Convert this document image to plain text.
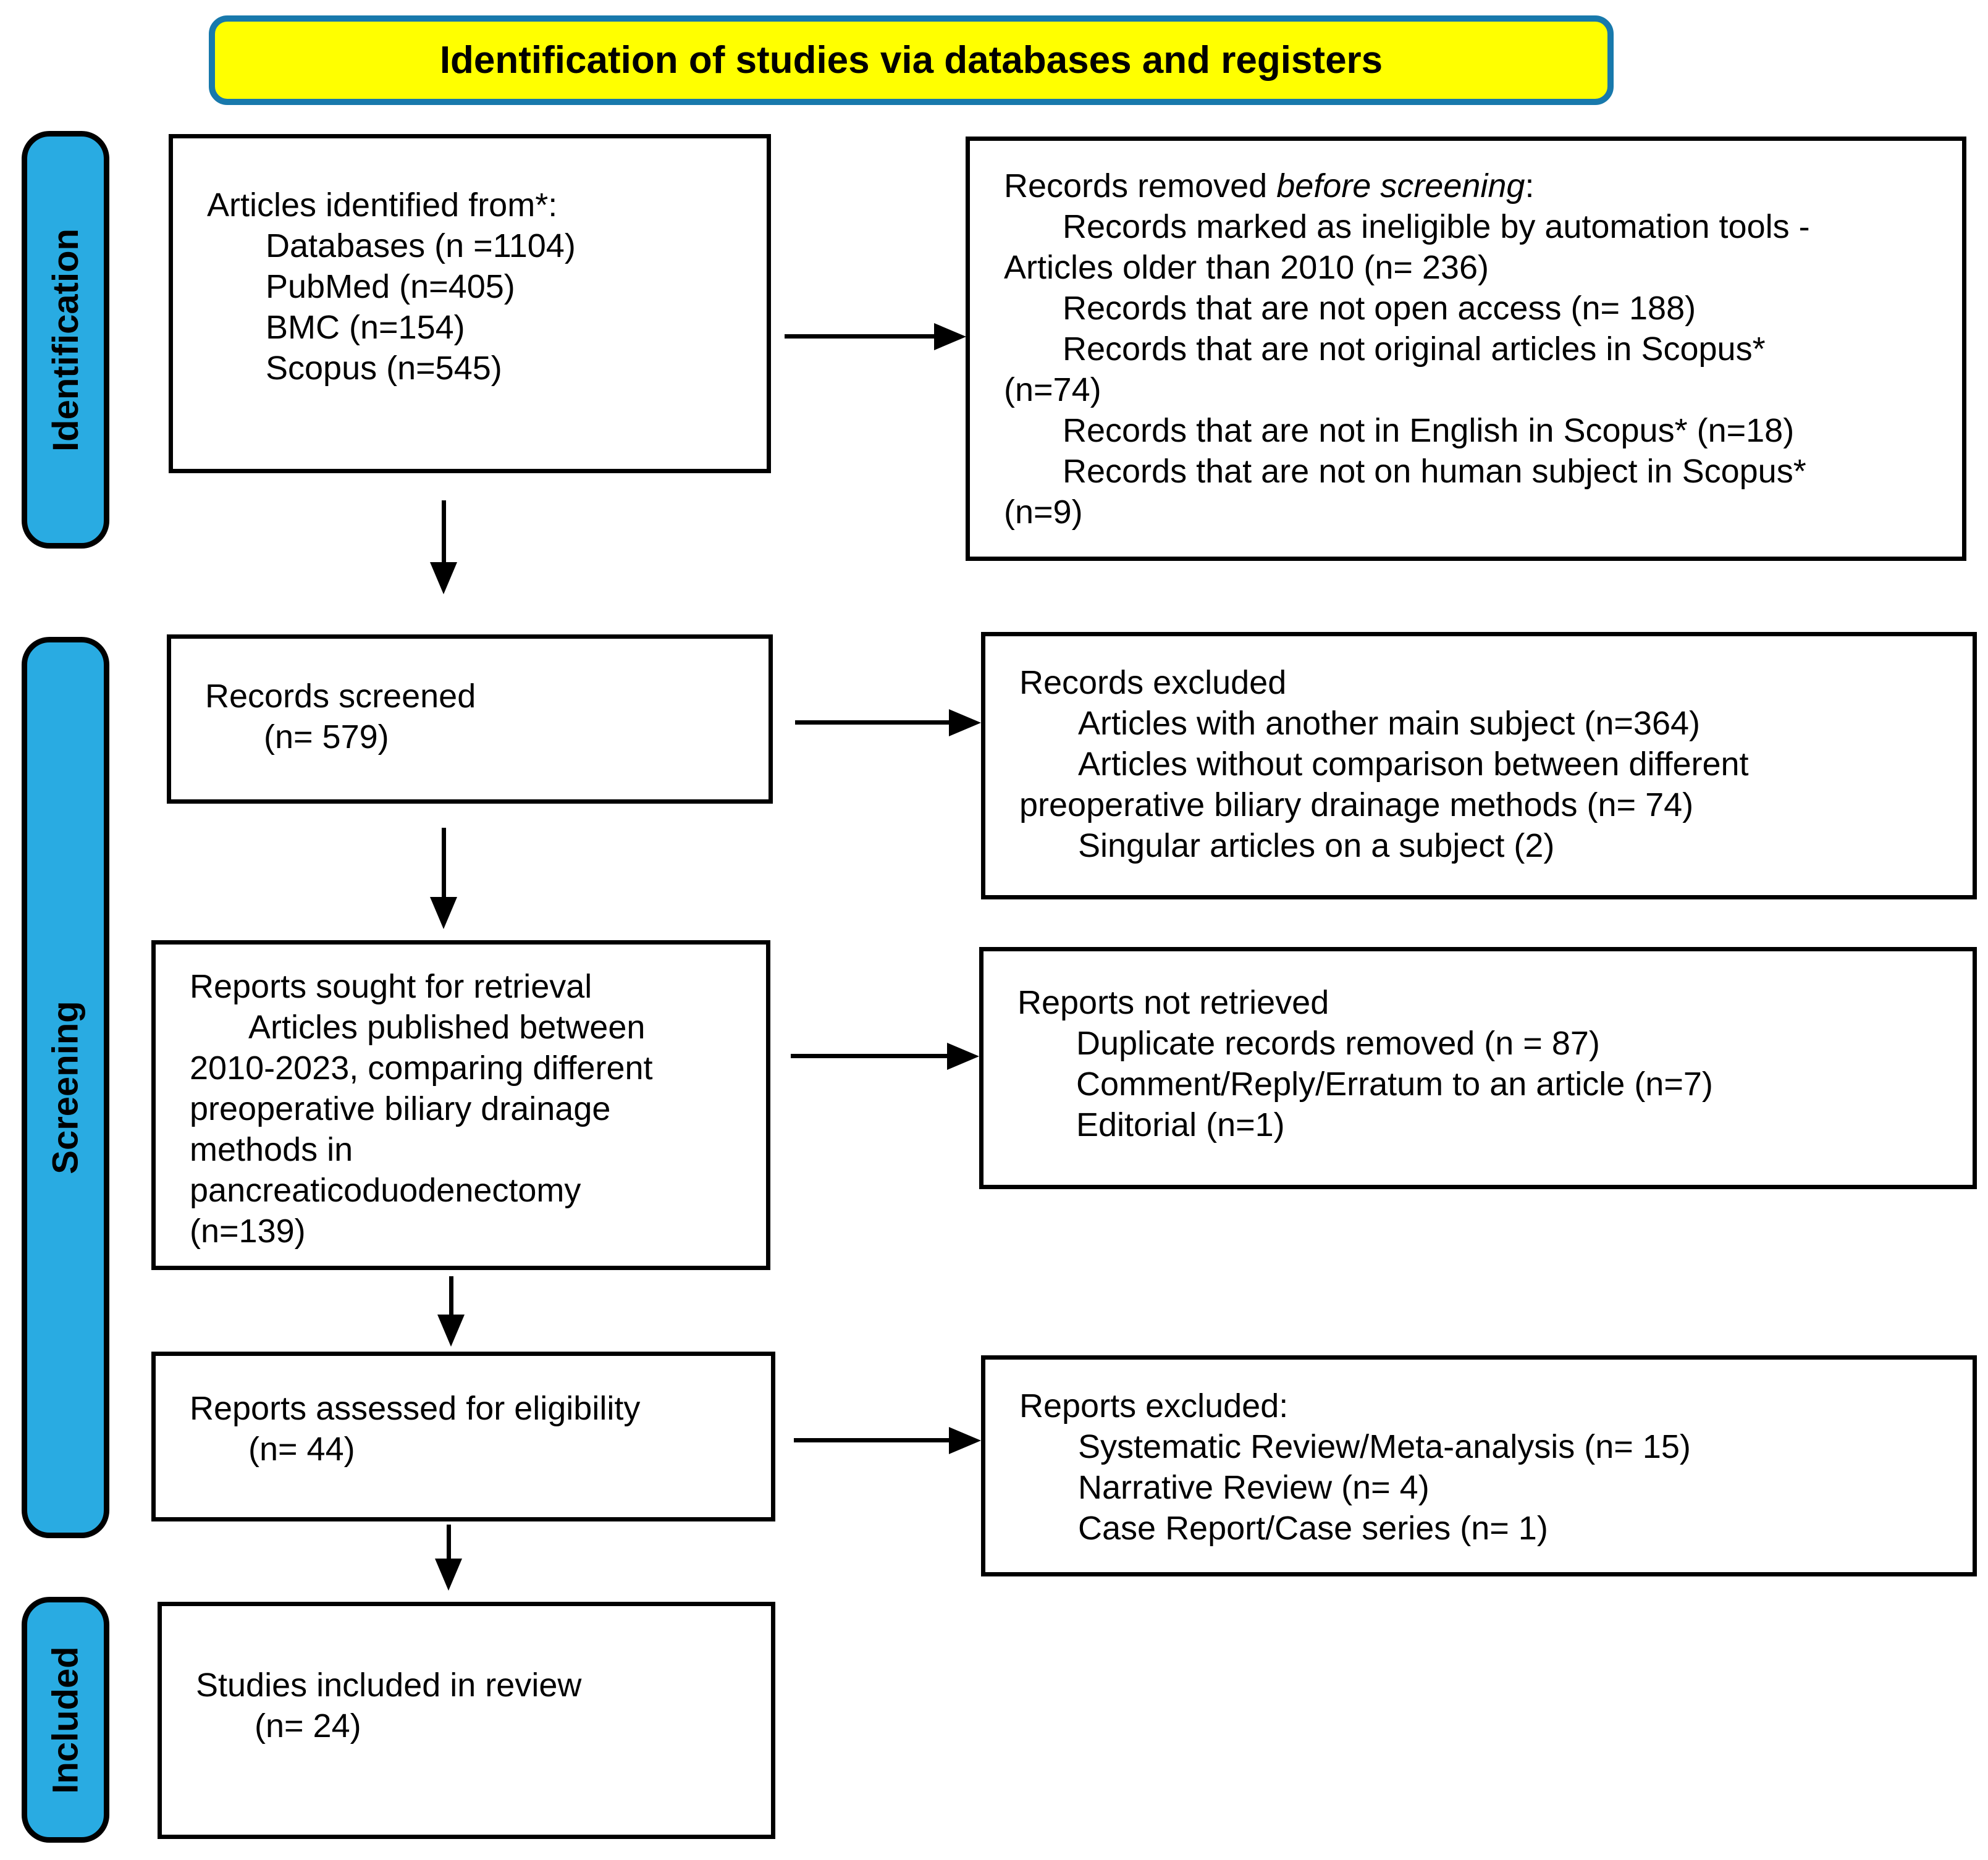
Identification of studies via databases and registers
Identification
Screening
Included
Articles identified from*:
Databases (n =1104)
PubMed (n=405)
BMC (n=154)
Scopus (n=545)
Records removed before screening:
Records marked as ineligible by automation tools -
Articles older than 2010 (n= 236)
Records that are not open access (n= 188)
Records that are not original articles in Scopus*
(n=74)
Records that are not in English in Scopus* (n=18)
Records that are not on human subject in Scopus*
(n=9)
Records screened
(n= 579)
Records excluded
Articles with another main subject (n=364)
Articles without comparison between different
preoperative biliary drainage methods (n= 74)
Singular articles on a subject (2)
Reports sought for retrieval
Articles published between
2010-2023, comparing different
preoperative biliary drainage
methods in
pancreaticoduodenectomy
(n=139)
Reports not retrieved
Duplicate records removed (n = 87)
Comment/Reply/Erratum to an article (n=7)
Editorial (n=1)
Reports assessed for eligibility
(n= 44)
Reports excluded:
Systematic Review/Meta-analysis (n= 15)
Narrative Review (n= 4)
Case Report/Case series (n= 1)
Studies included in review
(n= 24)
